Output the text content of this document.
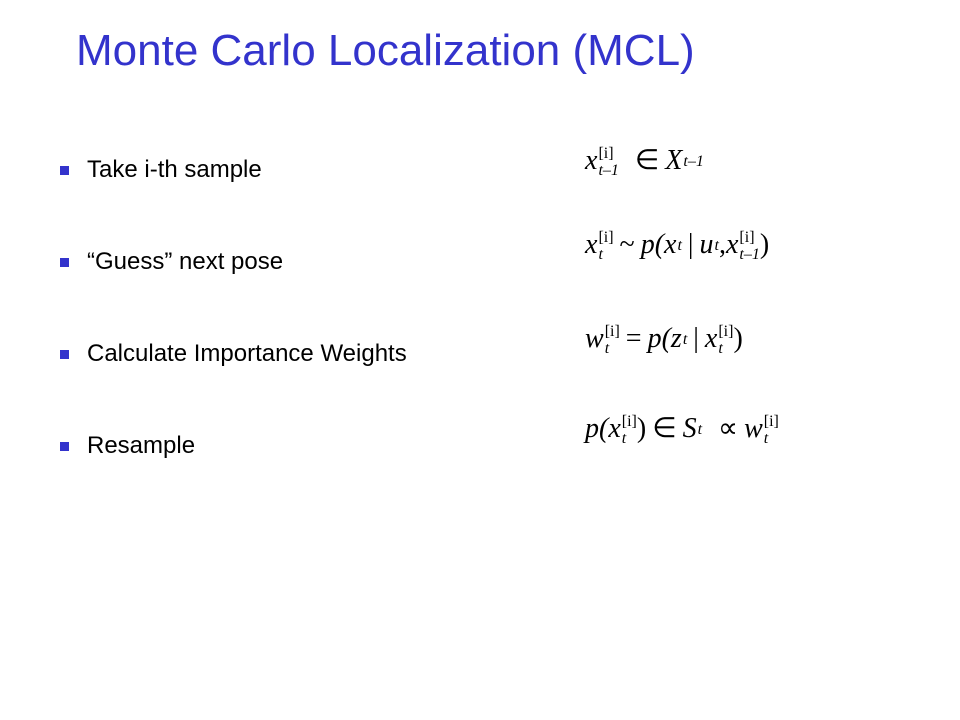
Monte Carlo Localization (MCL)
Take i-th sample
“Guess” next pose
Calculate Importance Weights
Resample
x [i]
t–1 ∈ X t–1
x [i]
t ~ p(x t | u t ,x [i]
t–1 )
w [i]
t = p(z t | x [i]
t )
p(x [i]
t ) ∈ S t ∝ w [i]
t
